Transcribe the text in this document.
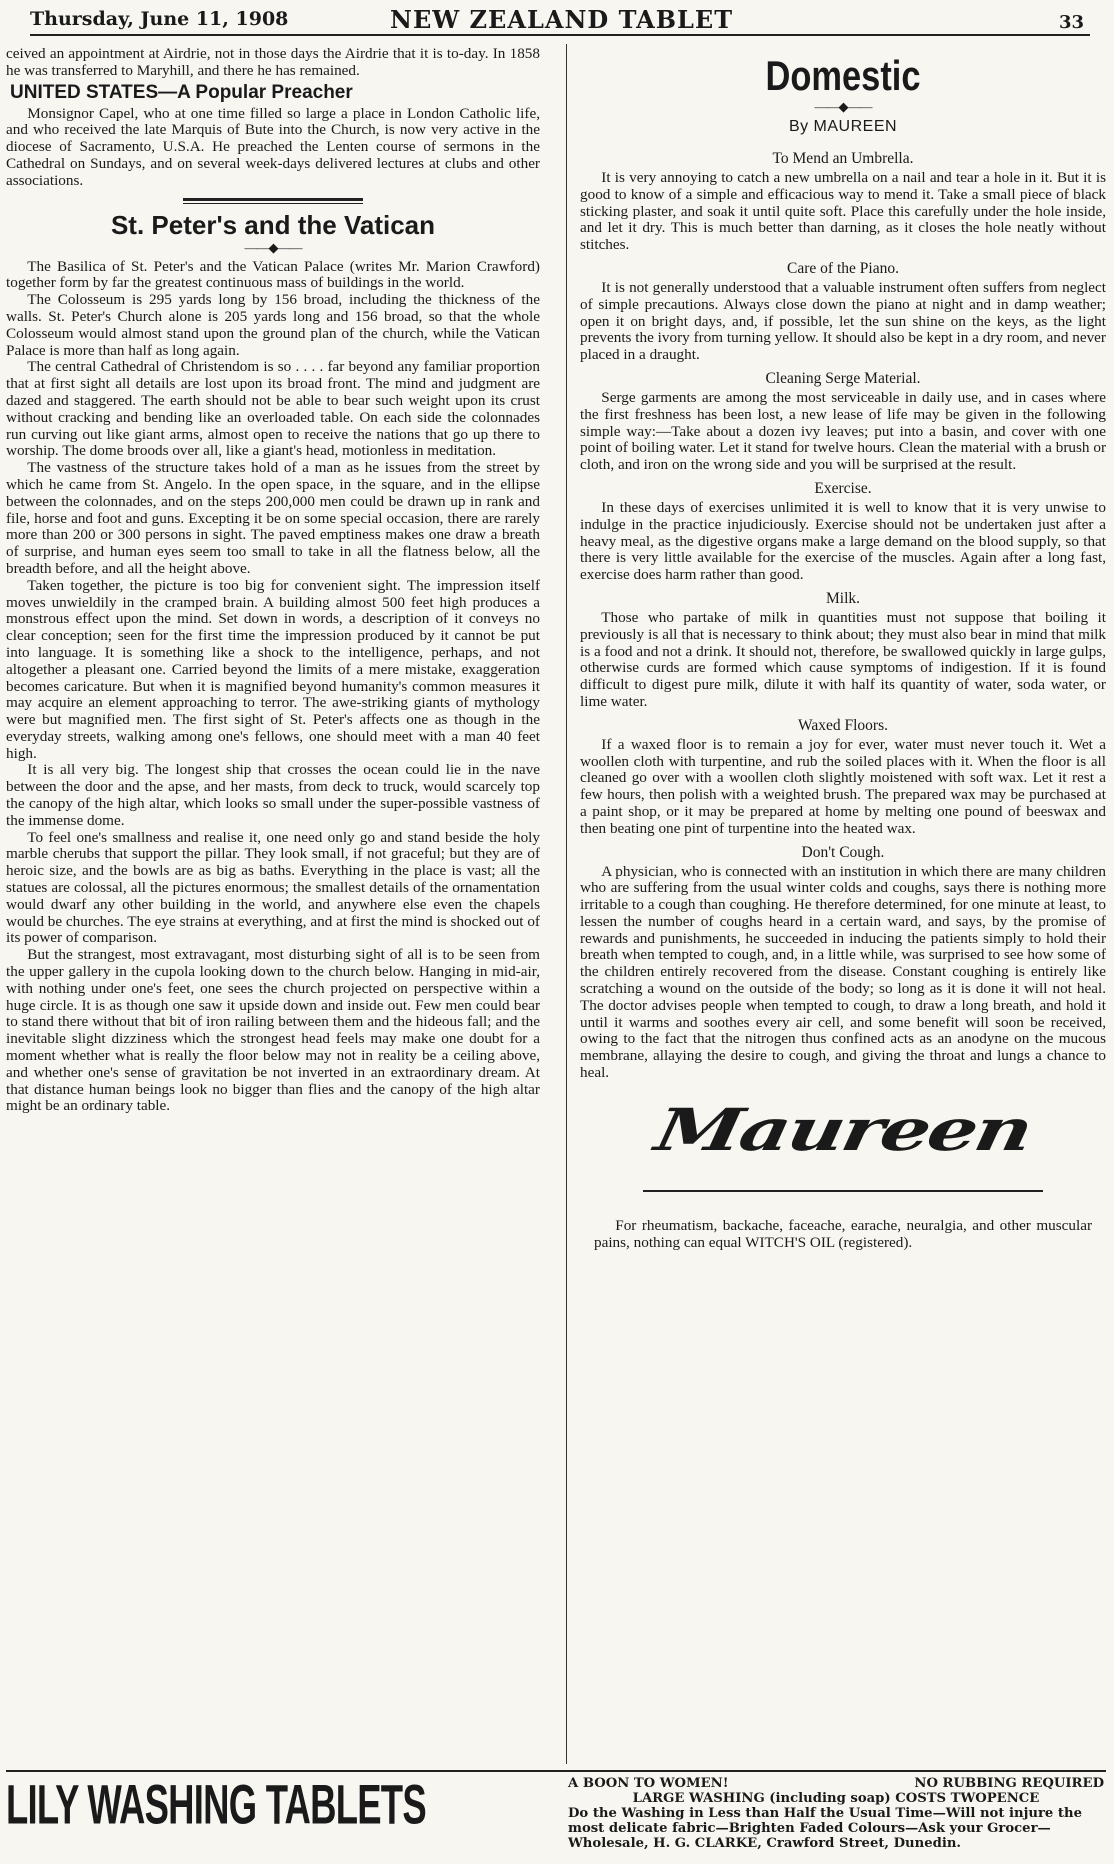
Thursday, June 11, 1908	NEW ZEALAND TABLET	33

ceived an appointment at Airdrie, not in those days the Airdrie that it is to-day. In 1858 he was transferred to Maryhill, and there he has remained.

UNITED STATES—A Popular Preacher

Monsignor Capel, who at one time filled so large a place in London Catholic life, and who received the late Marquis of Bute into the Church, is now very active in the diocese of Sacramento, U.S.A. He preached the Lenten course of sermons in the Cathedral on Sundays, and on several week-days delivered lectures at clubs and other associations.

St. Peter's and the Vatican
——◆——

The Basilica of St. Peter's and the Vatican Palace (writes Mr. Marion Crawford) together form by far the greatest continuous mass of buildings in the world.

The Colosseum is 295 yards long by 156 broad, including the thickness of the walls. St. Peter's Church alone is 205 yards long and 156 broad, so that the whole Colosseum would almost stand upon the ground plan of the church, while the Vatican Palace is more than half as long again.

The central Cathedral of Christendom is so . . . . far beyond any familiar proportion that at first sight all details are lost upon its broad front. The mind and judgment are dazed and staggered. The earth should not be able to bear such weight upon its crust without cracking and bending like an overloaded table. On each side the colonnades run curving out like giant arms, almost open to receive the nations that go up there to worship. The dome broods over all, like a giant's head, motionless in meditation.

The vastness of the structure takes hold of a man as he issues from the street by which he came from St. Angelo. In the open space, in the square, and in the ellipse between the colonnades, and on the steps 200,000 men could be drawn up in rank and file, horse and foot and guns. Excepting it be on some special occasion, there are rarely more than 200 or 300 persons in sight. The paved emptiness makes one draw a breath of surprise, and human eyes seem too small to take in all the flatness below, all the breadth before, and all the height above.

Taken together, the picture is too big for convenient sight. The impression itself moves unwieldily in the cramped brain. A building almost 500 feet high produces a monstrous effect upon the mind. Set down in words, a description of it conveys no clear conception; seen for the first time the impression produced by it cannot be put into language. It is something like a shock to the intelligence, perhaps, and not altogether a pleasant one. Carried beyond the limits of a mere mistake, exaggeration becomes caricature. But when it is magnified beyond humanity's common measures it may acquire an element approaching to terror. The awe-striking giants of mythology were but magnified men. The first sight of St. Peter's affects one as though in the everyday streets, walking among one's fellows, one should meet with a man 40 feet high.

It is all very big. The longest ship that crosses the ocean could lie in the nave between the door and the apse, and her masts, from deck to truck, would scarcely top the canopy of the high altar, which looks so small under the super-possible vastness of the immense dome.

To feel one's smallness and realise it, one need only go and stand beside the holy marble cherubs that support the pillar. They look small, if not graceful; but they are of heroic size, and the bowls are as big as baths. Everything in the place is vast; all the statues are colossal, all the pictures enormous; the smallest details of the ornamentation would dwarf any other building in the world, and anywhere else even the chapels would be churches. The eye strains at everything, and at first the mind is shocked out of its power of comparison.

But the strangest, most extravagant, most disturbing sight of all is to be seen from the upper gallery in the cupola looking down to the church below. Hanging in mid-air, with nothing under one's feet, one sees the church projected on perspective within a huge circle. It is as though one saw it upside down and inside out. Few men could bear to stand there without that bit of iron railing between them and the hideous fall; and the inevitable slight dizziness which the strongest head feels may make one doubt for a moment whether what is really the floor below may not in reality be a ceiling above, and whether one's sense of gravitation be not inverted in an extraordinary dream. At that distance human beings look no bigger than flies and the canopy of the high altar might be an ordinary table.

Domestic
——◆——
By MAUREEN
To Mend an Umbrella.

It is very annoying to catch a new umbrella on a nail and tear a hole in it. But it is good to know of a simple and efficacious way to mend it. Take a small piece of black sticking plaster, and soak it until quite soft. Place this carefully under the hole inside, and let it dry. This is much better than darning, as it closes the hole neatly without stitches.

Care of the Piano.

It is not generally understood that a valuable instrument often suffers from neglect of simple precautions. Always close down the piano at night and in damp weather; open it on bright days, and, if possible, let the sun shine on the keys, as the light prevents the ivory from turning yellow. It should also be kept in a dry room, and never placed in a draught.

Cleaning Serge Material.

Serge garments are among the most serviceable in daily use, and in cases where the first freshness has been lost, a new lease of life may be given in the following simple way:—Take about a dozen ivy leaves; put into a basin, and cover with one point of boiling water. Let it stand for twelve hours. Clean the material with a brush or cloth, and iron on the wrong side and you will be surprised at the result.

Exercise.

In these days of exercises unlimited it is well to know that it is very unwise to indulge in the practice injudiciously. Exercise should not be undertaken just after a heavy meal, as the digestive organs make a large demand on the blood supply, so that there is very little available for the exercise of the muscles. Again after a long fast, exercise does harm rather than good.

Milk.

Those who partake of milk in quantities must not suppose that boiling it previously is all that is necessary to think about; they must also bear in mind that milk is a food and not a drink. It should not, therefore, be swallowed quickly in large gulps, otherwise curds are formed which cause symptoms of indigestion. If it is found difficult to digest pure milk, dilute it with half its quantity of water, soda water, or lime water.

Waxed Floors.

If a waxed floor is to remain a joy for ever, water must never touch it. Wet a woollen cloth with turpentine, and rub the soiled places with it. When the floor is all cleaned go over with a woollen cloth slightly moistened with soft wax. Let it rest a few hours, then polish with a weighted brush. The prepared wax may be purchased at a paint shop, or it may be prepared at home by melting one pound of beeswax and then beating one pint of turpentine into the heated wax.

Don't Cough.

A physician, who is connected with an institution in which there are many children who are suffering from the usual winter colds and coughs, says there is nothing more irritable to a cough than coughing. He therefore determined, for one minute at least, to lessen the number of coughs heard in a certain ward, and says, by the promise of rewards and punishments, he succeeded in inducing the patients simply to hold their breath when tempted to cough, and, in a little while, was surprised to see how some of the children entirely recovered from the disease. Constant coughing is entirely like scratching a wound on the outside of the body; so long as it is done it will not heal. The doctor advises people when tempted to cough, to draw a long breath, and hold it until it warms and soothes every air cell, and some benefit will soon be received, owing to the fact that the nitrogen thus confined acts as an anodyne on the mucous membrane, allaying the desire to cough, and giving the throat and lungs a chance to heal.

Maureen

For rheumatism, backache, faceache, earache, neuralgia, and other muscular pains, nothing can equal WITCH'S OIL (registered).

LILY WASHING TABLETS	A BOON TO WOMEN!	NO RUBBING REQUIRED
LARGE WASHING (including soap) COSTS TWOPENCE
Do the Washing in Less than Half the Usual Time—Will not injure the most delicate fabric—Brighten Faded Colours—Ask your Grocer—Wholesale, H. G. CLARKE, Crawford Street, Dunedin.
